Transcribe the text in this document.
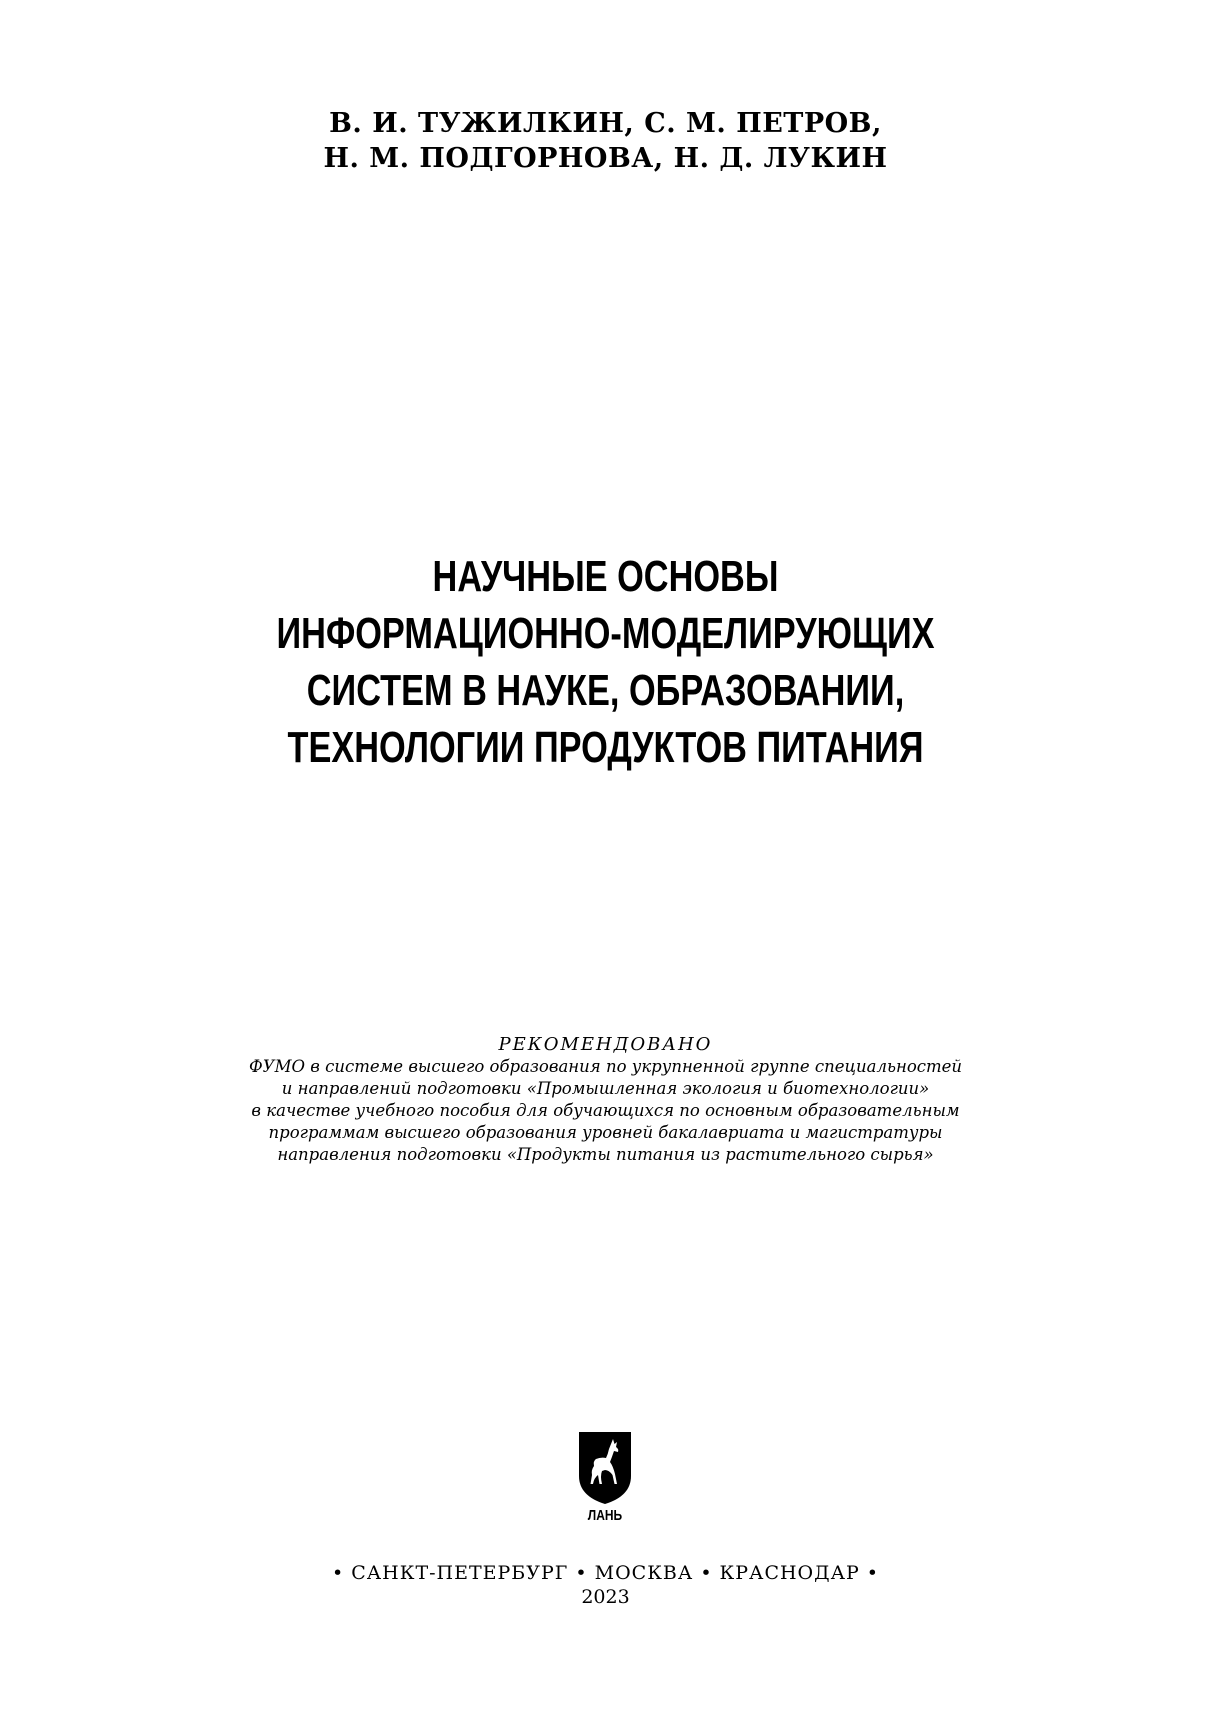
В. И. ТУЖИЛКИН, С. М. ПЕТРОВ,
Н. М. ПОДГОРНОВА, Н. Д. ЛУКИН
НАУЧНЫЕ ОСНОВЫ
ИНФОРМАЦИОННО-МОДЕЛИРУЮЩИХ
СИСТЕМ В НАУКЕ, ОБРАЗОВАНИИ,
ТЕХНОЛОГИИ ПРОДУКТОВ ПИТАНИЯ
РЕКОМЕНДОВАНО
ФУМО в системе высшего образования по укрупненной группе специальностей
и направлений подготовки «Промышленная экология и биотехнологии»
в качестве учебного пособия для обучающихся по основным образовательным
программам высшего образования уровней бакалавриата и магистратуры
направления подготовки «Продукты питания из растительного сырья»
ЛАНЬ
• САНКТ-ПЕТЕРБУРГ • МОСКВА • КРАСНОДАР •
2023
